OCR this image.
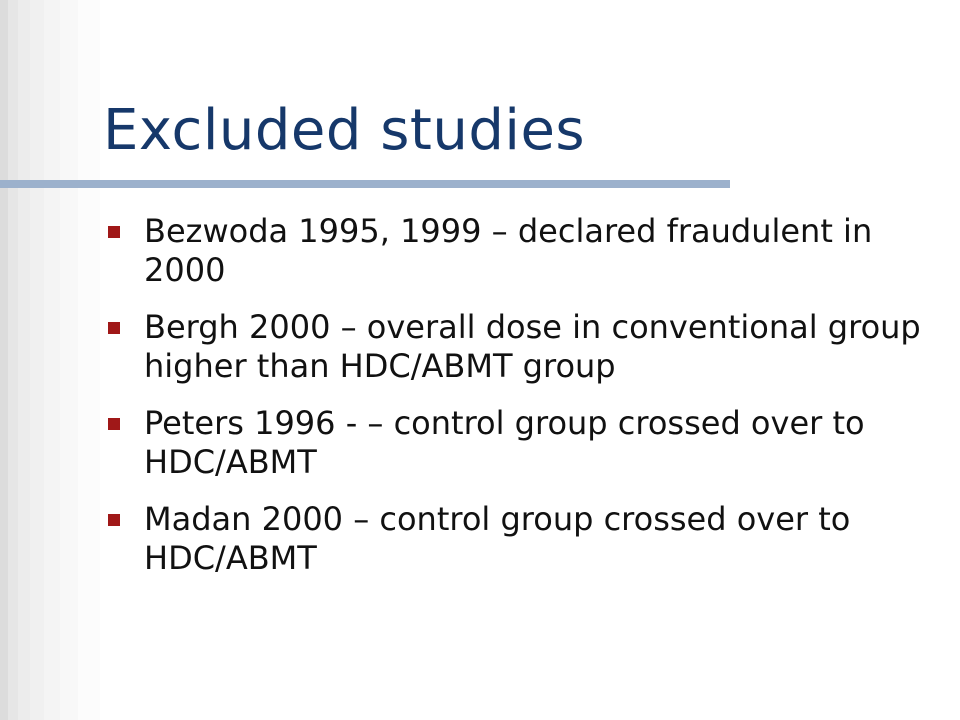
Excluded studies
Bezwoda 1995, 1999 – declared fraudulent in 2000
Bergh 2000 – overall dose in conventional group higher than HDC/ABMT group
Peters 1996 - – control group crossed over to HDC/ABMT
Madan 2000 – control group crossed over to HDC/ABMT
